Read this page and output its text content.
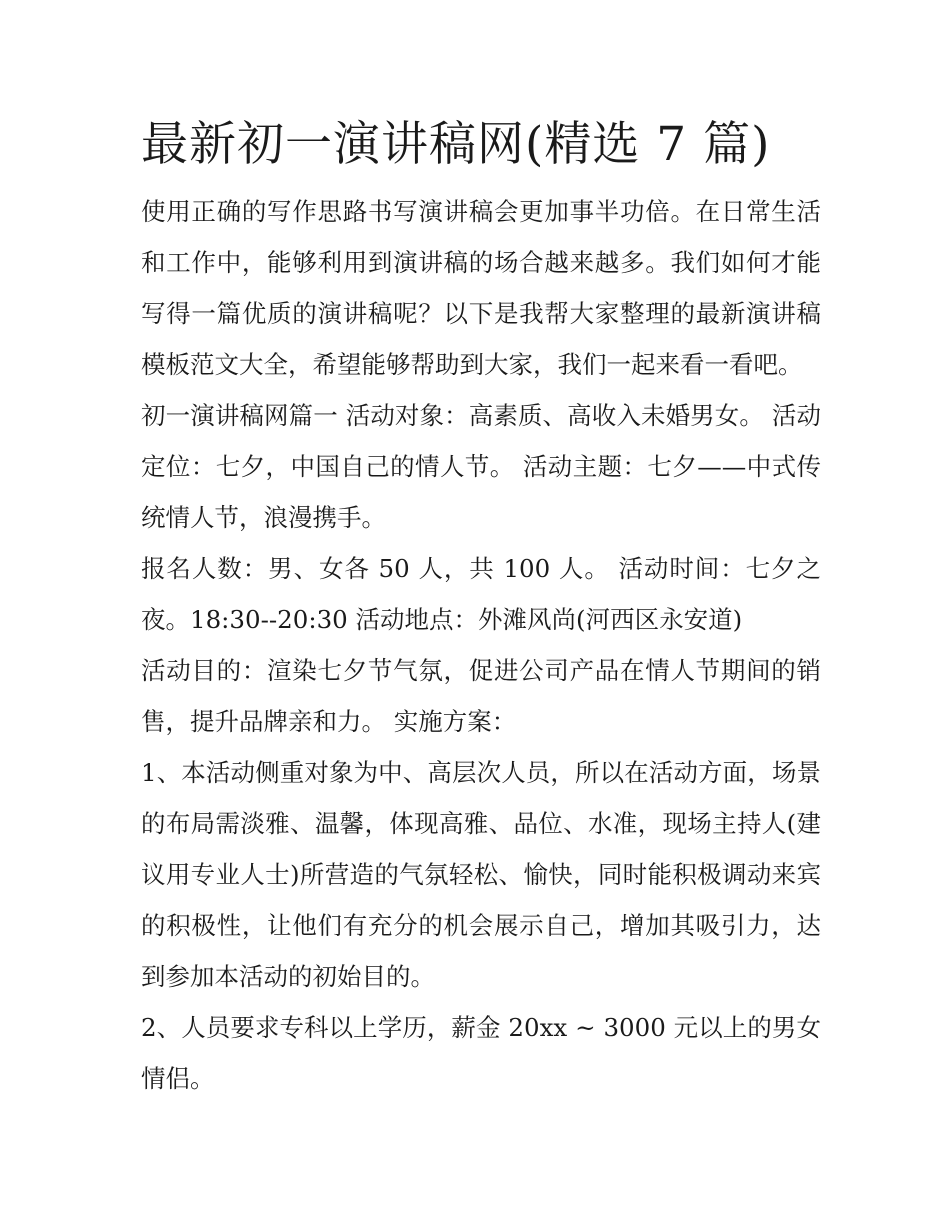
最新初一演讲稿网(精选 7 篇)

使用正确的写作思路书写演讲稿会更加事半功倍。在日常生活和工作中，能够利用到演讲稿的场合越来越多。我们如何才能写得一篇优质的演讲稿呢？以下是我帮大家整理的最新演讲稿模板范文大全，希望能够帮助到大家，我们一起来看一看吧。

初一演讲稿网篇一 活动对象：高素质、高收入未婚男女。 活动定位：七夕，中国自己的情人节。 活动主题：七夕——中式传统情人节，浪漫携手。

报名人数：男、女各 50 人，共 100 人。 活动时间：七夕之夜。18:30--20:30 活动地点：外滩风尚(河西区永安道)

活动目的：渲染七夕节气氛，促进公司产品在情人节期间的销售，提升品牌亲和力。 实施方案：

1、本活动侧重对象为中、高层次人员，所以在活动方面，场景的布局需淡雅、温馨，体现高雅、品位、水准，现场主持人(建议用专业人士)所营造的气氛轻松、愉快，同时能积极调动来宾的积极性，让他们有充分的机会展示自己，增加其吸引力，达到参加本活动的初始目的。

2、人员要求专科以上学历，薪金 20xx ~ 3000 元以上的男女情侣。
